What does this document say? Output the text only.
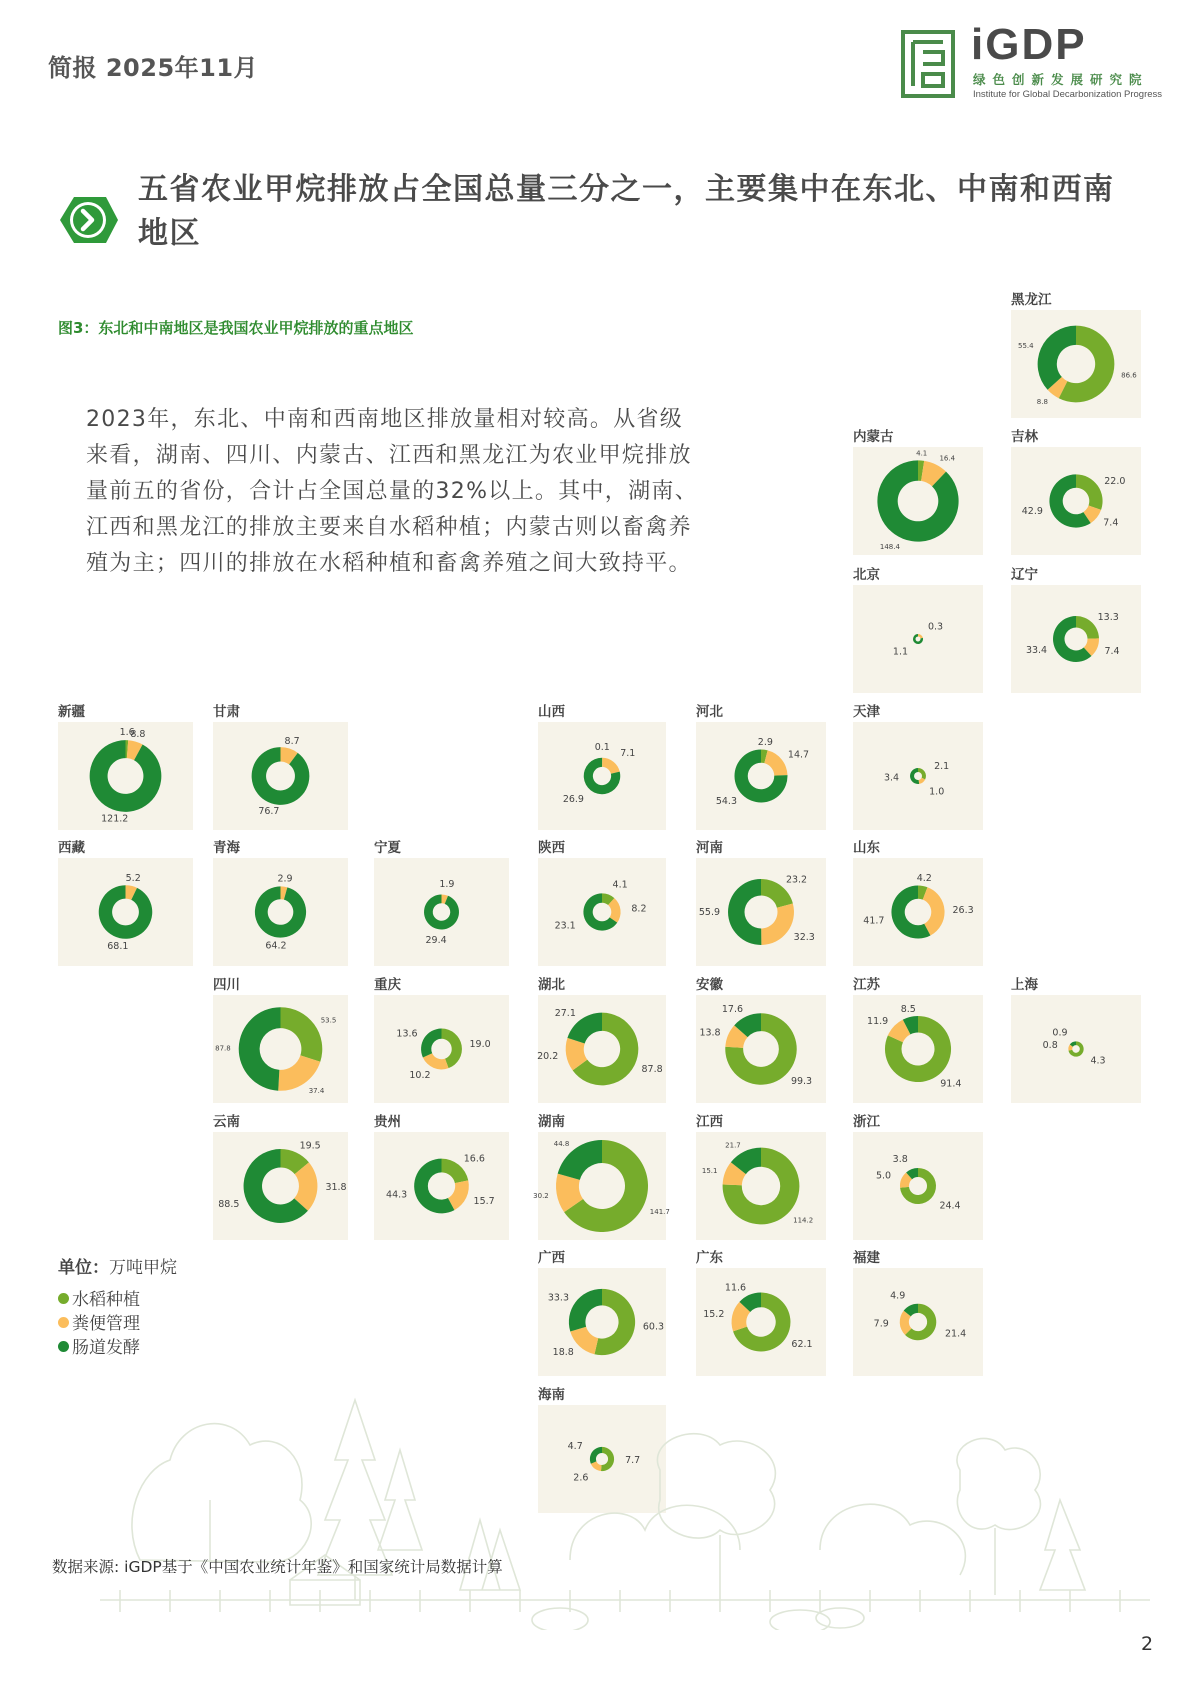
简报 2025年11月	iGDP
绿色创新发展研究院
Institute for Global Decarbonization Progress
五省农业甲烷排放占全国总量三分之一，主要集中在东北、中南和西南地区
图3：东北和中南地区是我国农业甲烷排放的重点地区
2023年，东北、中南和西南地区排放量相对较高。从省级来看，湖南、四川、内蒙古、江西和黑龙江为农业甲烷排放量前五的省份，合计占全国总量的32%以上。其中，湖南、江西和黑龙江的排放主要来自水稻种植；内蒙古则以畜禽养殖为主；四川的排放在水稻种植和畜禽养殖之间大致持平。
黑龙江
86.6
8.8
55.4
内蒙古
4.1
16.4
148.4
吉林
22.0
7.4
42.9
北京
0.3
1.1
辽宁
13.3
7.4
33.4
新疆
1.6
8.8
121.2
甘肃
8.7
76.7
山西
0.1
7.1
26.9
河北
2.9
14.7
54.3
天津
2.1
1.0
3.4
西藏
5.2
68.1
青海
2.9
64.2
宁夏
1.9
29.4
陕西
4.1
8.2
23.1
河南
23.2
32.3
55.9
山东
4.2
26.3
41.7
四川
53.5
37.4
87.8
重庆
19.0
10.2
13.6
湖北
87.8
20.2
27.1
安徽
99.3
13.8
17.6
江苏
91.4
11.9
8.5
上海
4.3
0.8
0.9
云南
19.5
31.8
88.5
贵州
16.6
15.7
44.3
湖南
141.7
30.2
44.8
江西
114.2
15.1
21.7
浙江
24.4
5.0
3.8
广西
60.3
18.8
33.3
广东
62.1
15.2
11.6
福建
21.4
7.9
4.9
海南
7.7
2.6
4.7
单位：万吨甲烷
水稻种植
粪便管理
肠道发酵
数据来源: iGDP基于《中国农业统计年鉴》和国家统计局数据计算
2
